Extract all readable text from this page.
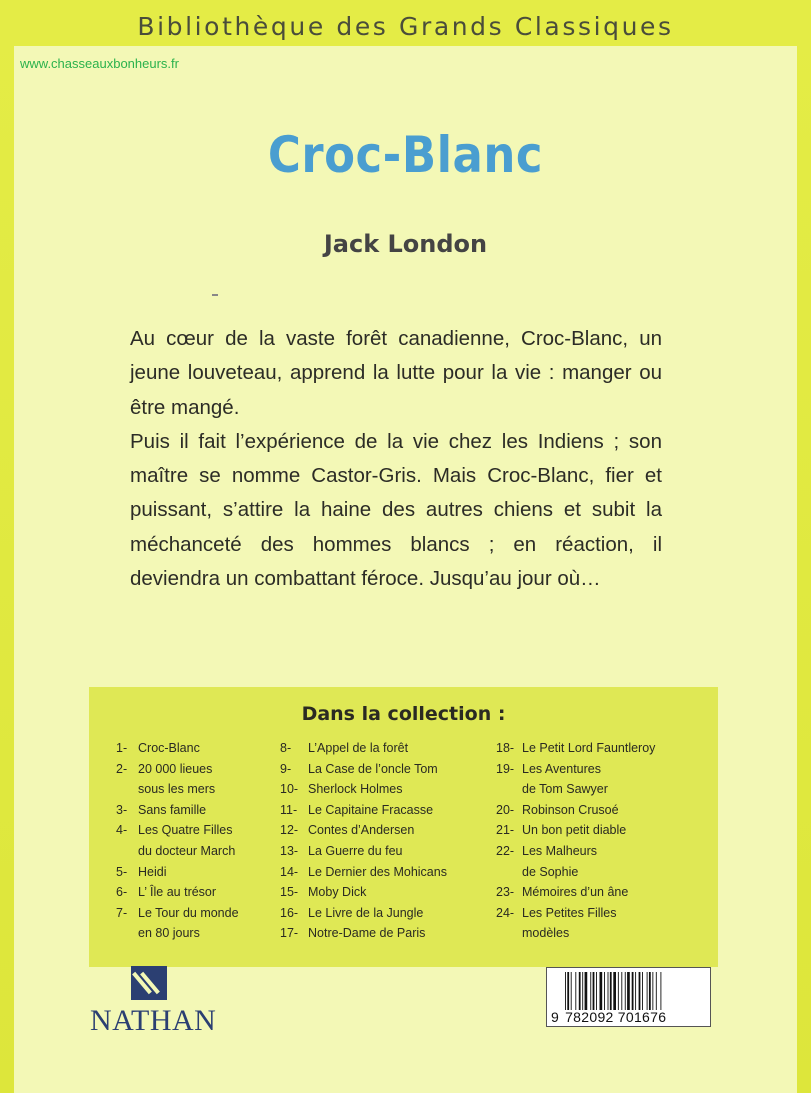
Bibliothèque des Grands Classiques
www.chasseauxbonheurs.fr
Croc-Blanc
Jack London

Au cœur de la vaste forêt canadienne, Croc-Blanc, un jeune louveteau, apprend la lutte pour la vie : manger ou être mangé.

Puis il fait l’expérience de la vie chez les Indiens ; son maître se nomme Castor-Gris. Mais Croc-Blanc, fier et puissant, s’attire la haine des autres chiens et subit la méchanceté des hommes blancs ; en réaction, il deviendra un combattant féroce. Jusqu’au jour où…

Dans la collection :
1- Croc-Blanc
2- 20 000 lieues
sous les mers
3- Sans famille
4- Les Quatre Filles
du docteur March
5- Heidi
6- L’ Île au trésor
7- Le Tour du monde
en 80 jours
8-	L’Appel de la forêt
9-	La Case de l’oncle Tom
10- Sherlock Holmes
11- Le Capitaine Fracasse
12- Contes d’Andersen
13- La Guerre du feu
14- Le Dernier des Mohicans
15- Moby Dick
16- Le Livre de la Jungle
17- Notre-Dame de Paris
18- Le Petit Lord Fauntleroy
19- Les Aventures
de Tom Sawyer
20- Robinson Crusoé
21- Un bon petit diable
22- Les Malheurs
de Sophie
23- Mémoires d’un âne
24- Les Petites Filles
modèles
NATHAN	9 782092 701676
